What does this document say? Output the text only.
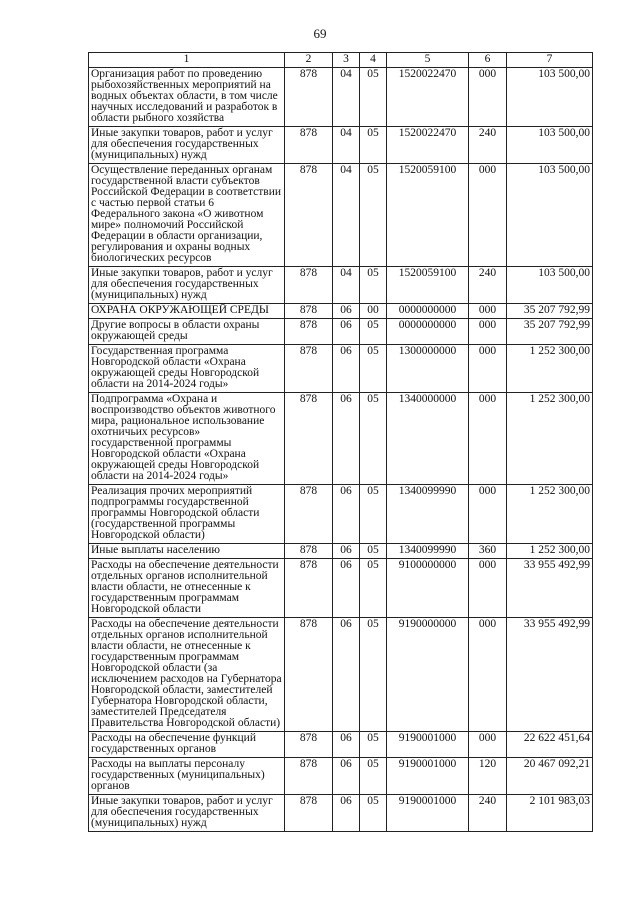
69
1	2	3	4	5	6	7
Организация работ по проведению рыбохозяйственных мероприятий на водных объектах области, в том числе научных исследований и разработок в области рыбного хозяйства	878	04	05	1520022470	000	103 500,00
Иные закупки товаров, работ и услуг для обеспечения государственных (муниципальных) нужд	878	04	05	1520022470	240	103 500,00
Осуществление переданных органам государственной власти субъектов Российской Федерации в соответствии с частью первой статьи 6 Федерального закона «О животном мире» полномочий Российской Федерации в области организации, регулирования и охраны водных биологических ресурсов	878	04	05	1520059100	000	103 500,00
Иные закупки товаров, работ и услуг для обеспечения государственных (муниципальных) нужд	878	04	05	1520059100	240	103 500,00
ОХРАНА ОКРУЖАЮЩЕЙ СРЕДЫ	878	06	00	0000000000	000	35 207 792,99
Другие вопросы в области охраны окружающей среды	878	06	05	0000000000	000	35 207 792,99
Государственная программа Новгородской области «Охрана окружающей среды Новгородской области на 2014-2024 годы»	878	06	05	1300000000	000	1 252 300,00
Подпрограмма «Охрана и воспроизводство объектов животного мира, рациональное использование охотничьих ресурсов» государственной программы Новгородской области «Охрана окружающей среды Новгородской области на 2014-2024 годы»	878	06	05	1340000000	000	1 252 300,00
Реализация прочих мероприятий подпрограммы государственной программы Новгородской области (государственной программы Новгородской области)	878	06	05	1340099990	000	1 252 300,00
Иные выплаты населению	878	06	05	1340099990	360	1 252 300,00
Расходы на обеспечение деятельности отдельных органов исполнительной власти области, не отнесенные к государственным программам Новгородской области	878	06	05	9100000000	000	33 955 492,99
Расходы на обеспечение деятельности отдельных органов исполнительной власти области, не отнесенные к государственным программам Новгородской области (за исключением расходов на Губернатора Новгородской области, заместителей Губернатора Новгородской области, заместителей Председателя Правительства Новгородской области)	878	06	05	9190000000	000	33 955 492,99
Расходы на обеспечение функций государственных органов	878	06	05	9190001000	000	22 622 451,64
Расходы на выплаты персоналу государственных (муниципальных) органов	878	06	05	9190001000	120	20 467 092,21
Иные закупки товаров, работ и услуг для обеспечения государственных (муниципальных) нужд	878	06	05	9190001000	240	2 101 983,03
